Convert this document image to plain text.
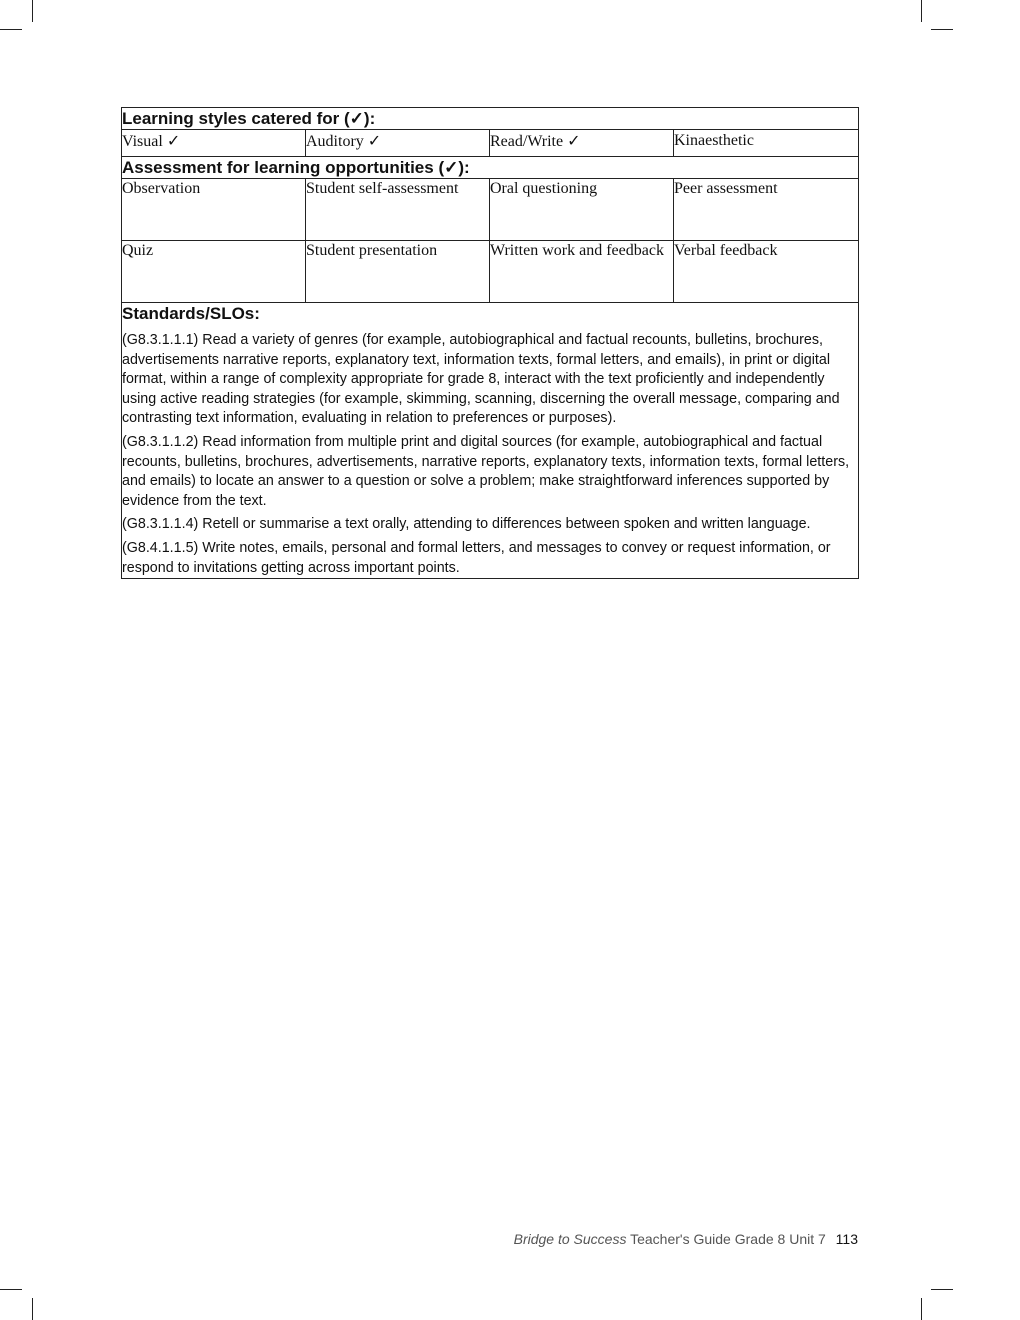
Learning styles catered for (✓):			
Visual ✓	Auditory ✓	Read/Write ✓	Kinaesthetic
Assessment for learning opportunities (✓):			
Observation	Student self-assessment	Oral questioning	Peer assessment
Quiz	Student presentation	Written work and feedback	Verbal feedback

Standards/SLOs:
(G8.3.1.1.1) Read a variety of genres (for example, autobiographical and factual recounts, bulletins, brochures, advertisements narrative reports, explanatory text, information texts, formal letters, and emails), in print or digital format, within a range of complexity appropriate for grade 8, interact with the text proficiently and independently using active reading strategies (for example, skimming, scanning, discerning the overall message, comparing and contrasting text information, evaluating in relation to preferences or purposes).
(G8.3.1.1.2) Read information from multiple print and digital sources (for example, autobiographical and factual recounts, bulletins, brochures, advertisements, narrative reports, explanatory texts, information texts, formal letters, and emails) to locate an answer to a question or solve a problem; make straightforward inferences supported by evidence from the text.
(G8.3.1.1.4) Retell or summarise a text orally, attending to differences between spoken and written language.
(G8.4.1.1.5) Write notes, emails, personal and formal letters, and messages to convey or request information, or respond to invitations getting across important points.			
Bridge to Success Teacher's Guide Grade 8 Unit 7 113
